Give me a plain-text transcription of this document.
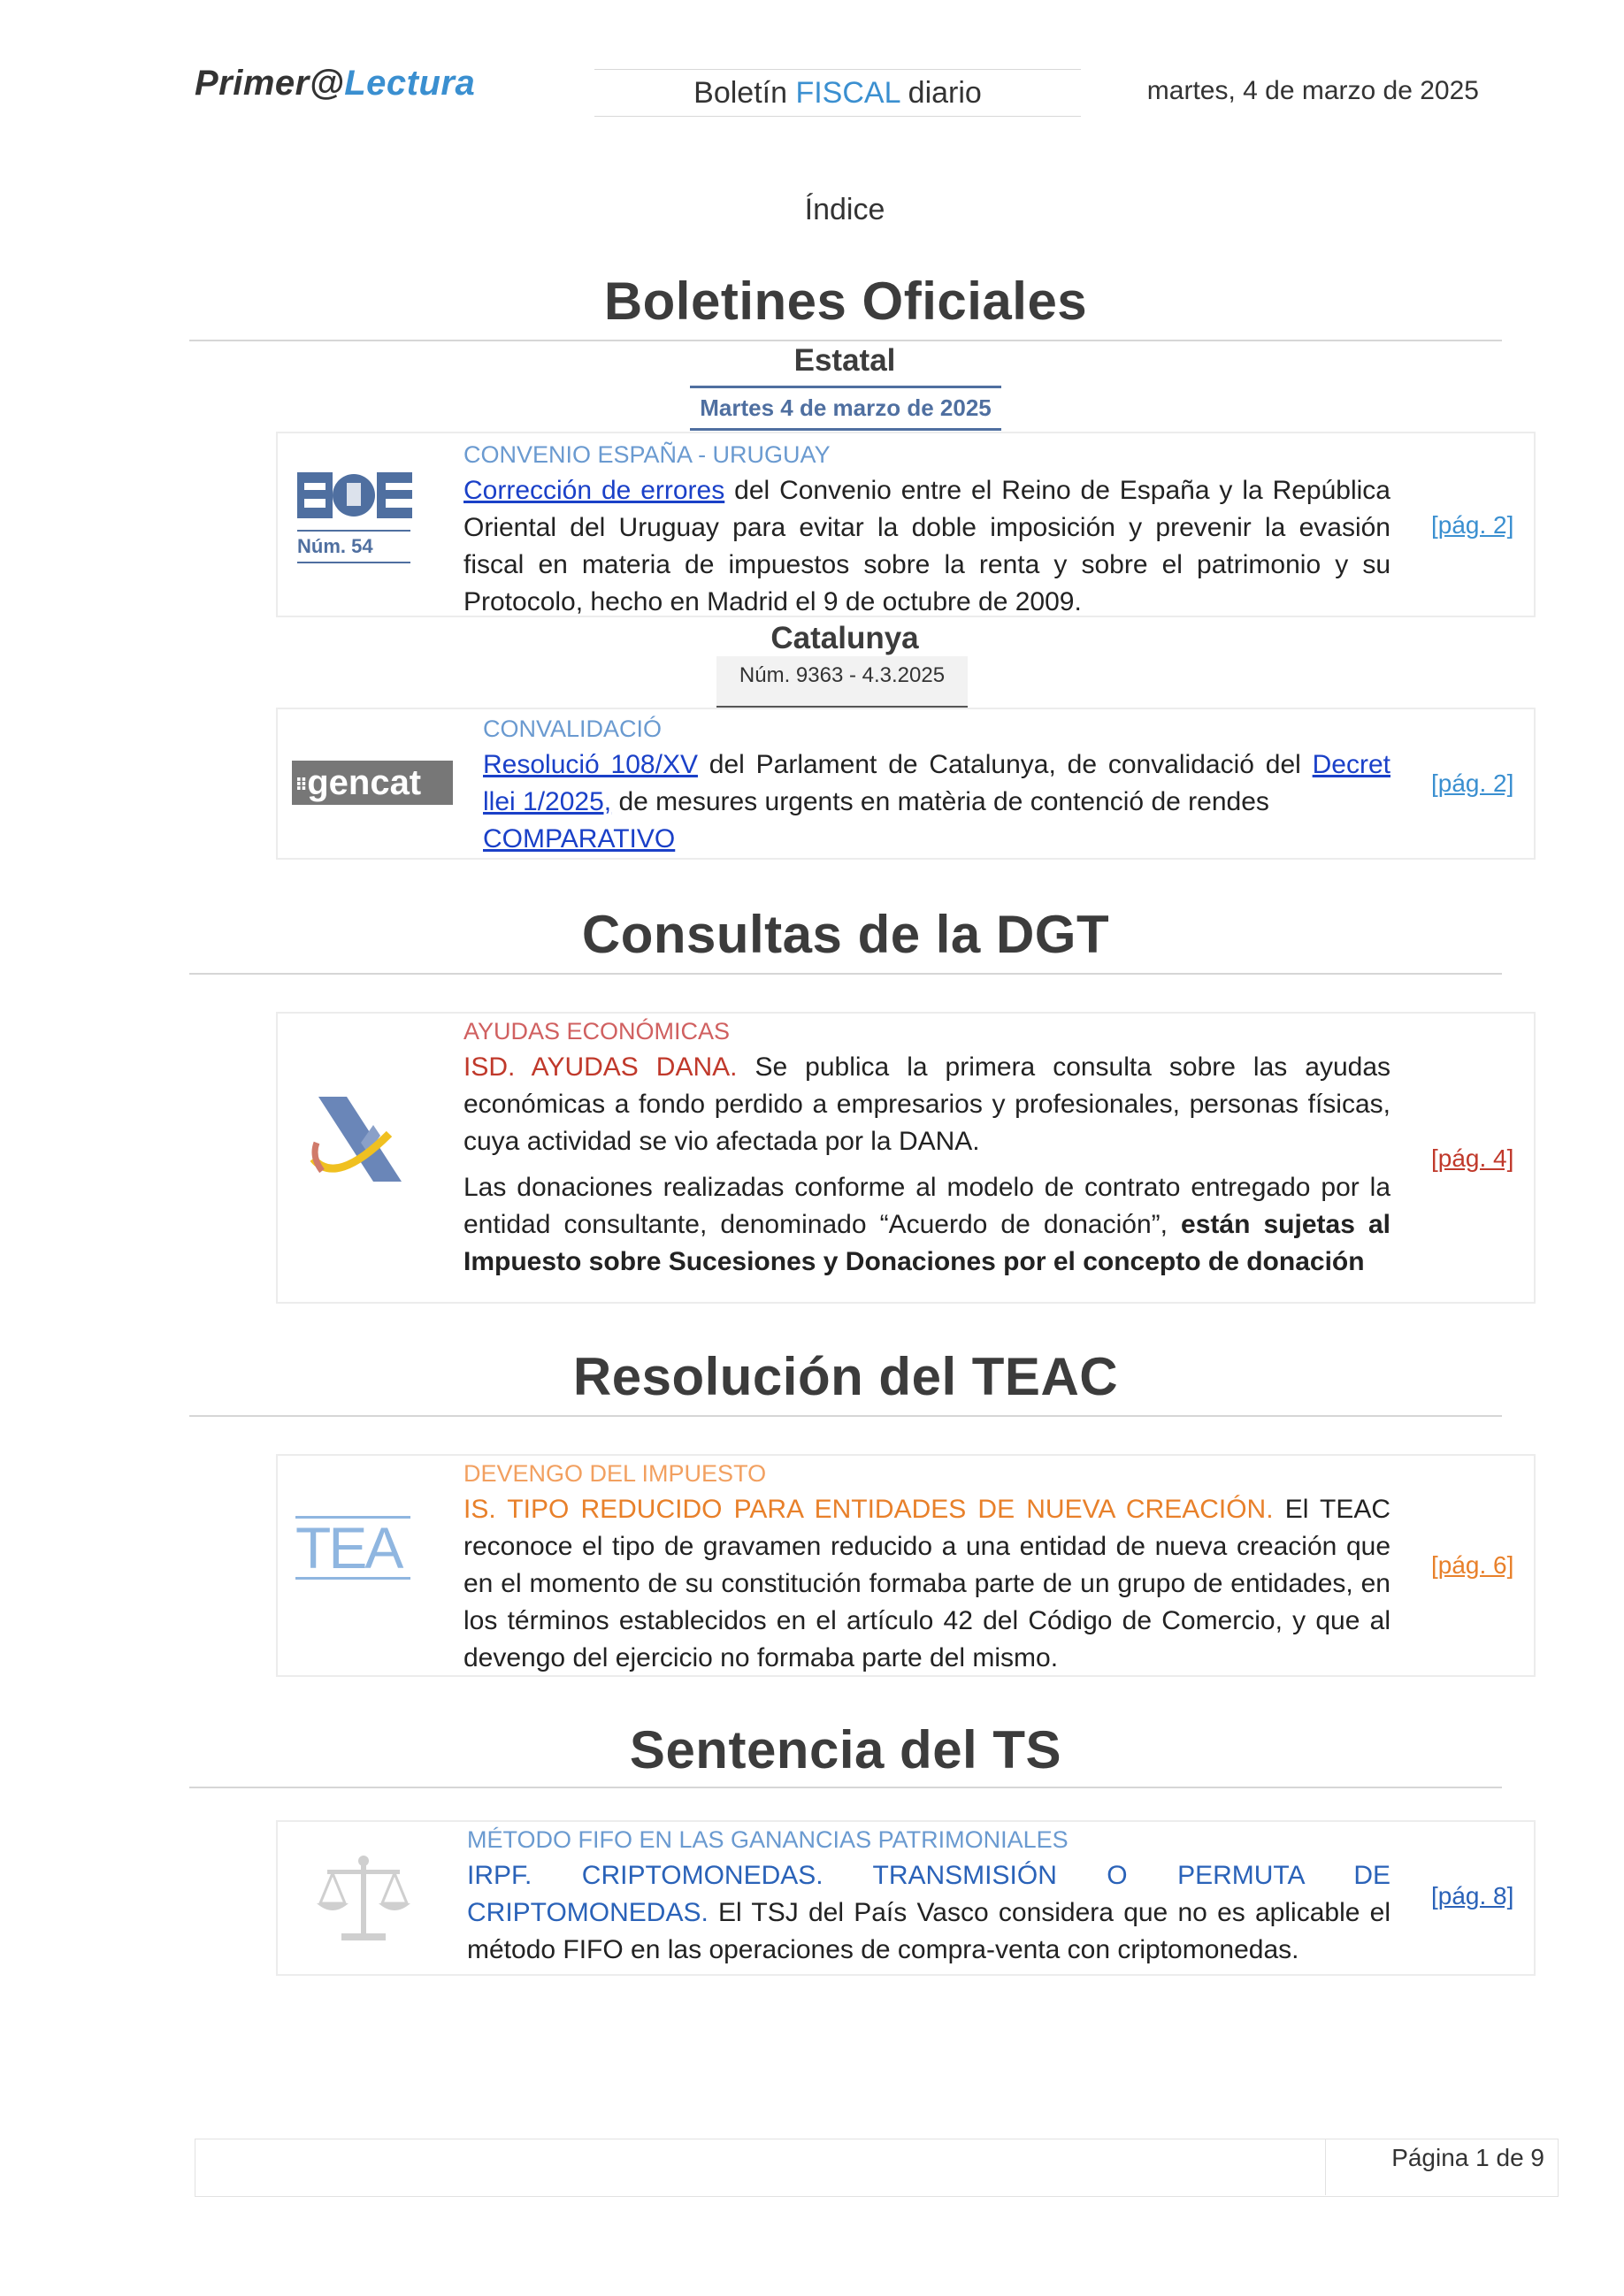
Primer@Lectura	Boletín FISCAL diario	martes, 4 de marzo de 2025
Índice
Boletines Oficiales
Estatal
Martes 4 de marzo de 2025
Núm. 54
CONVENIO ESPAÑA - URUGUAY
Corrección de errores del Convenio entre el Reino de España y la República Oriental del Uruguay para evitar la doble imposición y prevenir la evasión fiscal en materia de impuestos sobre la renta y sobre el patrimonio y su Protocolo, hecho en Madrid el 9 de octubre de 2009.
[pág. 2]
Catalunya
Núm. 9363 - 4.3.2025
⁝⁝gencat
CONVALIDACIÓ
Resolució 108/XV del Parlament de Catalunya, de convalidació del Decret llei 1/2025, de mesures urgents en matèria de contenció de rendes
COMPARATIVO
[pág. 2]
Consultas de la DGT
AYUDAS ECONÓMICAS
ISD. AYUDAS DANA. Se publica la primera consulta sobre las ayudas económicas a fondo perdido a empresarios y profesionales, personas físicas, cuya actividad se vio afectada por la DANA.
Las donaciones realizadas conforme al modelo de contrato entregado por la entidad consultante, denominado “Acuerdo de donación”, están sujetas al Impuesto sobre Sucesiones y Donaciones por el concepto de donación
[pág. 4]
Resolución del TEAC
TEA
DEVENGO DEL IMPUESTO
IS. TIPO REDUCIDO PARA ENTIDADES DE NUEVA CREACIÓN. El TEAC reconoce el tipo de gravamen reducido a una entidad de nueva creación que en el momento de su constitución formaba parte de un grupo de entidades, en los términos establecidos en el artículo 42 del Código de Comercio, y que al devengo del ejercicio no formaba parte del mismo.
[pág. 6]
Sentencia del TS
MÉTODO FIFO EN LAS GANANCIAS PATRIMONIALES
IRPF. CRIPTOMONEDAS. TRANSMISIÓN O PERMUTA DE CRIPTOMONEDAS. El TSJ del País Vasco considera que no es aplicable el método FIFO en las operaciones de compra-venta con criptomonedas.
[pág. 8]
Página 1 de 9
